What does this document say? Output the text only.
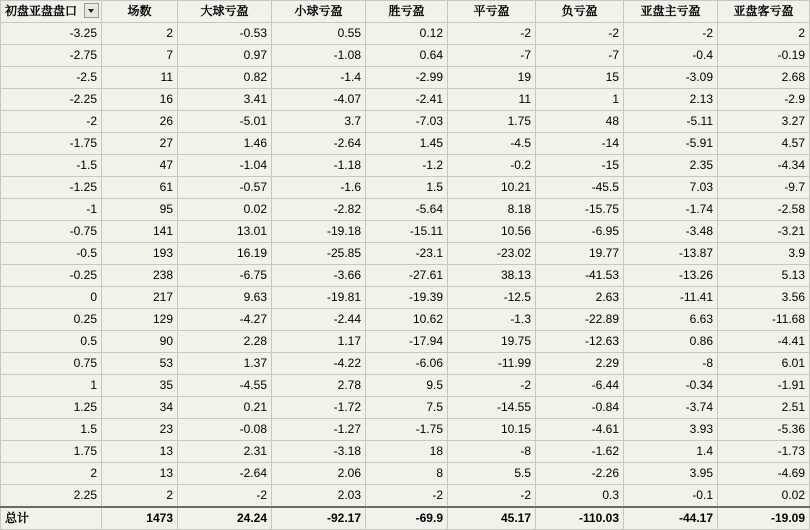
初盘亚盘盘口	场数	大球亏盈	小球亏盈	胜亏盈	平亏盈	负亏盈	亚盘主亏盈	亚盘客亏盈
-3.25	2	-0.53	0.55	0.12	-2	-2	-2	2
-2.75	7	0.97	-1.08	0.64	-7	-7	-0.4	-0.19
-2.5	11	0.82	-1.4	-2.99	19	15	-3.09	2.68
-2.25	16	3.41	-4.07	-2.41	11	1	2.13	-2.9
-2	26	-5.01	3.7	-7.03	1.75	48	-5.11	3.27
-1.75	27	1.46	-2.64	1.45	-4.5	-14	-5.91	4.57
-1.5	47	-1.04	-1.18	-1.2	-0.2	-15	2.35	-4.34
-1.25	61	-0.57	-1.6	1.5	10.21	-45.5	7.03	-9.7
-1	95	0.02	-2.82	-5.64	8.18	-15.75	-1.74	-2.58
-0.75	141	13.01	-19.18	-15.11	10.56	-6.95	-3.48	-3.21
-0.5	193	16.19	-25.85	-23.1	-23.02	19.77	-13.87	3.9
-0.25	238	-6.75	-3.66	-27.61	38.13	-41.53	-13.26	5.13
0	217	9.63	-19.81	-19.39	-12.5	2.63	-11.41	3.56
0.25	129	-4.27	-2.44	10.62	-1.3	-22.89	6.63	-11.68
0.5	90	2.28	1.17	-17.94	19.75	-12.63	0.86	-4.41
0.75	53	1.37	-4.22	-6.06	-11.99	2.29	-8	6.01
1	35	-4.55	2.78	9.5	-2	-6.44	-0.34	-1.91
1.25	34	0.21	-1.72	7.5	-14.55	-0.84	-3.74	2.51
1.5	23	-0.08	-1.27	-1.75	10.15	-4.61	3.93	-5.36
1.75	13	2.31	-3.18	18	-8	-1.62	1.4	-1.73
2	13	-2.64	2.06	8	5.5	-2.26	3.95	-4.69
2.25	2	-2	2.03	-2	-2	0.3	-0.1	0.02
总计	1473	24.24	-92.17	-69.9	45.17	-110.03	-44.17	-19.09
